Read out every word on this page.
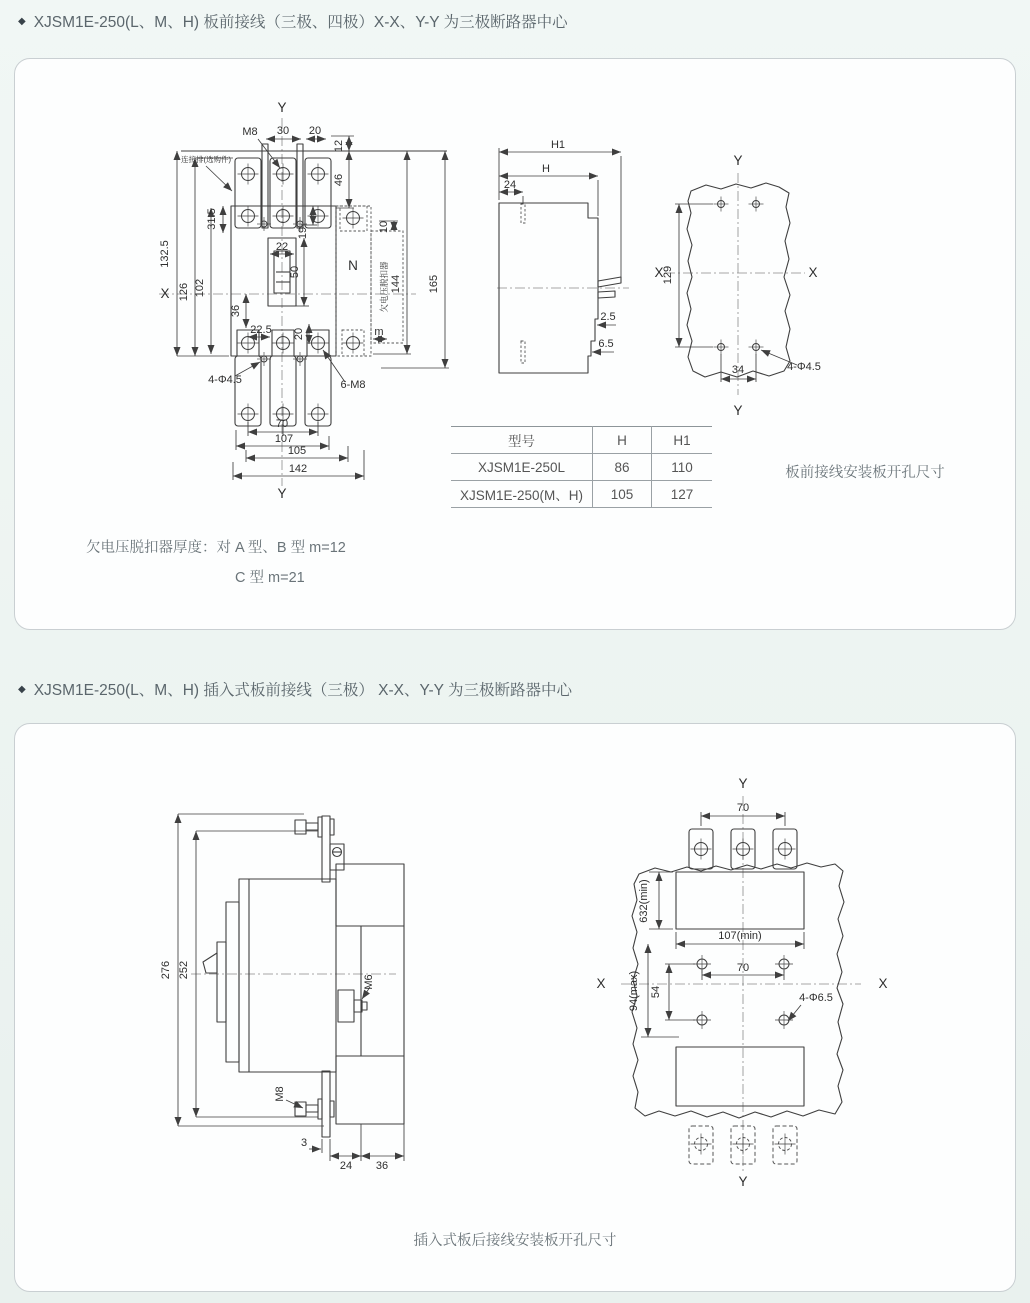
◆ XJSM1E-250(L、M、H) 板前接线（三极、四极）X-X、Y-Y 为三极断路器中心
Y
Y
X
N
M8
连接排(选购件)
30 20
12
46
132.5
126 102
31.5
19
22
50
36
22.5 20	m
10
欠电压脱扣器 144 165
4-Φ4.5	6-M8
70
107
105
142
H1
H
24
2.5
6.5
129
34	4-Φ4.5
Y
Y
X	X
型号	H	H1
XJSM1E-250L	86	110
XJSM1E-250(M、H)	105	127
板前接线安装板开孔尺寸
欠电压脱扣器厚度：对 A 型、B 型 m=12
C 型 m=21
◆ XJSM1E-250(L、M、H) 插入式板前接线（三极） X-X、Y-Y 为三极断路器中心
276 252
M6
M8
3
24 36
Y
Y
X	X
70
632(min)
107(min)
70
54
94(max)	4-Φ6.5
插入式板后接线安装板开孔尺寸
